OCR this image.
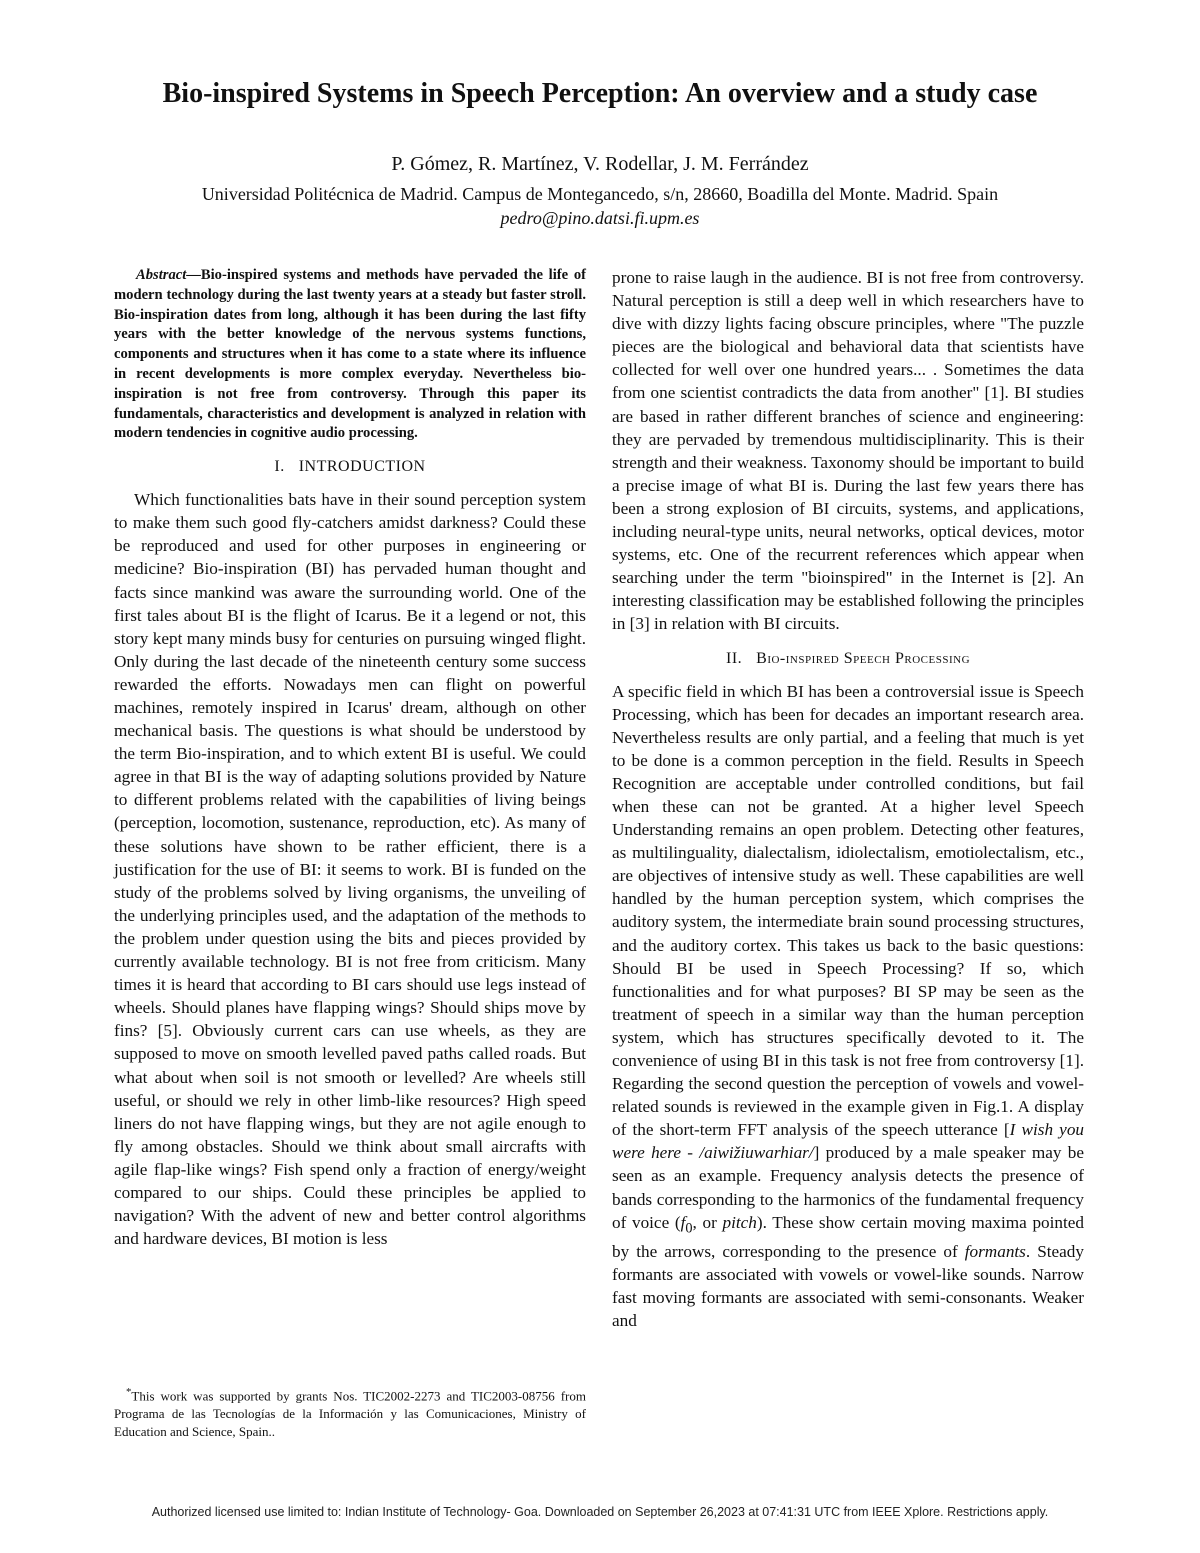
Bio-inspired Systems in Speech Perception: An overview and a study case
P. Gómez, R. Martínez, V. Rodellar, J. M. Ferrández
Universidad Politécnica de Madrid. Campus de Montegancedo, s/n, 28660, Boadilla del Monte. Madrid. Spain
pedro@pino.datsi.fi.upm.es

Abstract—Bio-inspired systems and methods have pervaded the life of modern technology during the last twenty years at a steady but faster stroll. Bio-inspiration dates from long, although it has been during the last fifty years with the better knowledge of the nervous systems functions, components and structures when it has come to a state where its influence in recent developments is more complex everyday. Nevertheless bio-inspiration is not free from controversy. Through this paper its fundamentals, characteristics and development is analyzed in relation with modern tendencies in cognitive audio processing.

I. INTRODUCTION

Which functionalities bats have in their sound perception system to make them such good fly-catchers amidst darkness? Could these be reproduced and used for other purposes in engineering or medicine? Bio-inspiration (BI) has pervaded human thought and facts since mankind was aware the surrounding world. One of the first tales about BI is the flight of Icarus. Be it a legend or not, this story kept many minds busy for centuries on pursuing winged flight. Only during the last decade of the nineteenth century some success rewarded the efforts. Nowadays men can flight on powerful machines, remotely inspired in Icarus' dream, although on other mechanical basis. The questions is what should be understood by the term Bio-inspiration, and to which extent BI is useful. We could agree in that BI is the way of adapting solutions provided by Nature to different problems related with the capabilities of living beings (perception, locomotion, sustenance, reproduction, etc). As many of these solutions have shown to be rather efficient, there is a justification for the use of BI: it seems to work. BI is funded on the study of the problems solved by living organisms, the unveiling of the underlying principles used, and the adaptation of the methods to the problem under question using the bits and pieces provided by currently available technology. BI is not free from criticism. Many times it is heard that according to BI cars should use legs instead of wheels. Should planes have flapping wings? Should ships move by fins? [5]. Obviously current cars can use wheels, as they are supposed to move on smooth levelled paved paths called roads. But what about when soil is not smooth or levelled? Are wheels still useful, or should we rely in other limb-like resources? High speed liners do not have flapping wings, but they are not agile enough to fly among obstacles. Should we think about small aircrafts with agile flap-like wings? Fish spend only a fraction of energy/weight compared to our ships. Could these principles be applied to navigation? With the advent of new and better control algorithms and hardware devices, BI motion is less

prone to raise laugh in the audience. BI is not free from controversy. Natural perception is still a deep well in which researchers have to dive with dizzy lights facing obscure principles, where "The puzzle pieces are the biological and behavioral data that scientists have collected for well over one hundred years... . Sometimes the data from one scientist contradicts the data from another" [1]. BI studies are based in rather different branches of science and engineering: they are pervaded by tremendous multidisciplinarity. This is their strength and their weakness. Taxonomy should be important to build a precise image of what BI is. During the last few years there has been a strong explosion of BI circuits, systems, and applications, including neural-type units, neural networks, optical devices, motor systems, etc. One of the recurrent references which appear when searching under the term "bioinspired" in the Internet is [2]. An interesting classification may be established following the principles in [3] in relation with BI circuits.

II. Bio-inspired Speech Processing

A specific field in which BI has been a controversial issue is Speech Processing, which has been for decades an important research area. Nevertheless results are only partial, and a feeling that much is yet to be done is a common perception in the field. Results in Speech Recognition are acceptable under controlled conditions, but fail when these can not be granted. At a higher level Speech Understanding remains an open problem. Detecting other features, as multilinguality, dialectalism, idiolectalism, emotiolectalism, etc., are objectives of intensive study as well. These capabilities are well handled by the human perception system, which comprises the auditory system, the intermediate brain sound processing structures, and the auditory cortex. This takes us back to the basic questions: Should BI be used in Speech Processing? If so, which functionalities and for what purposes? BI SP may be seen as the treatment of speech in a similar way than the human perception system, which has structures specifically devoted to it. The convenience of using BI in this task is not free from controversy [1]. Regarding the second question the perception of vowels and vowel-related sounds is reviewed in the example given in Fig.1. A display of the short-term FFT analysis of the speech utterance [I wish you were here - /aiwižiuwarhiar/] produced by a male speaker may be seen as an example. Frequency analysis detects the presence of bands corresponding to the harmonics of the fundamental frequency of voice ($f_0$, or pitch). These show certain moving maxima pointed by the arrows, corresponding to the presence of formants. Steady formants are associated with vowels or vowel-like sounds. Narrow fast moving formants are associated with semi-consonants. Weaker and

*This work was supported by grants Nos. TIC2002-2273 and TIC2003-08756 from Programa de las Tecnologías de la Información y las Comunicaciones, Ministry of Education and Science, Spain..
Authorized licensed use limited to: Indian Institute of Technology- Goa. Downloaded on September 26,2023 at 07:41:31 UTC from IEEE Xplore. Restrictions apply.
